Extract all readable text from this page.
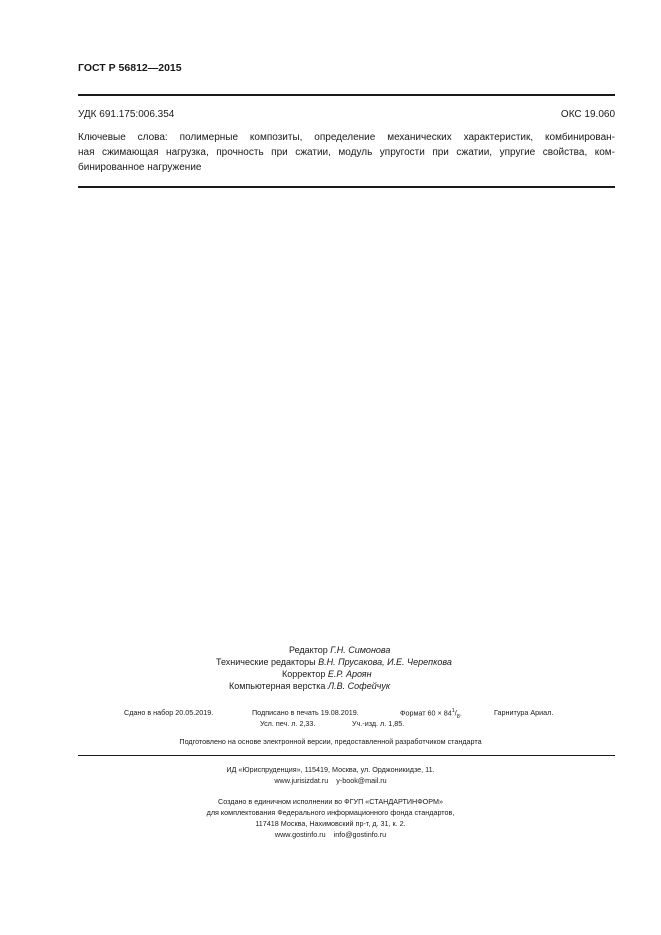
ГОСТ Р 56812—2015
УДК 691.175:006.354	ОКС 19.060
Ключевые слова: полимерные композиты, определение механических характеристик, комбинирован-
ная сжимающая нагрузка, прочность при сжатии, модуль упругости при сжатии, упругие свойства, ком-
бинированное нагружение
Редактор Г.Н. Симонова
Технические редакторы В.Н. Прусакова, И.Е. Черепкова
Корректор Е.Р. Ароян
Компьютерная верстка Л.В. Софейчук
Сдано в набор 20.05.2019.	Подписано в печать 19.08.2019.	Формат $60 \times 84^1/_8$.	Гарнитура Ариал.
Усл. печ. л. 2,33.	Уч.-изд. л. 1,85.
Подготовлено на основе электронной версии, предоставленной разработчиком стандарта
ИД «Юриспруденция», 115419, Москва, ул. Орджоникидзе, 11.
www.jurisizdat.ru y-book@mail.ru
Создано в единичном исполнении во ФГУП «СТАНДАРТИНФОРМ»
для комплектования Федерального информационного фонда стандартов,
117418 Москва, Нахимовский пр-т, д. 31, к. 2.
www.gostinfo.ru info@gostinfo.ru
